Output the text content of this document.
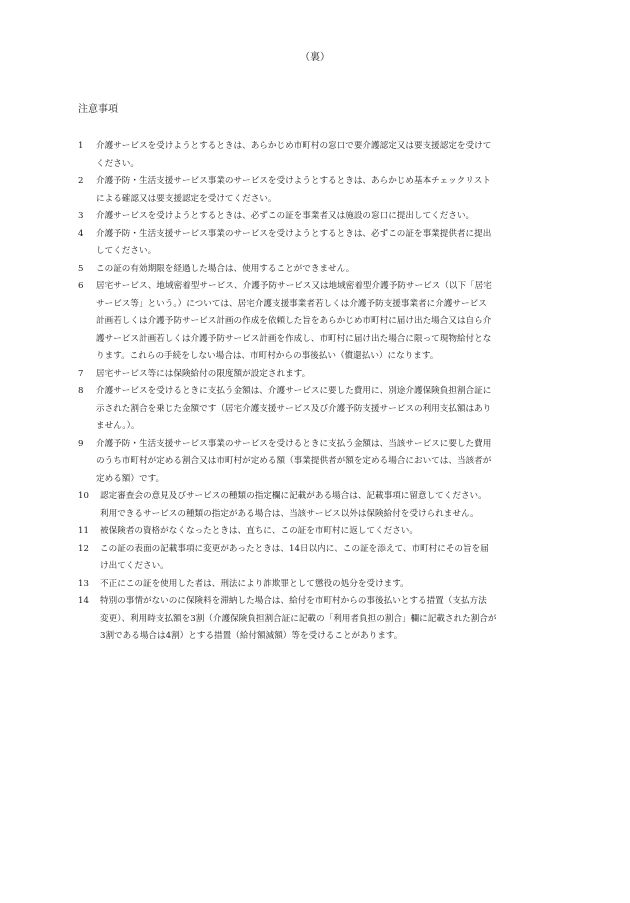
（裏）
注意事項
1	介護サービスを受けようとするときは、あらかじめ市町村の窓口で要介護認定又は要支援認定を受けて
ください。
2	介護予防・生活支援サービス事業のサービスを受けようとするときは、あらかじめ基本チェックリスト
による確認又は要支援認定を受けてください。
3	介護サービスを受けようとするときは、必ずこの証を事業者又は施設の窓口に提出してください。
4	介護予防・生活支援サービス事業のサービスを受けようとするときは、必ずこの証を事業提供者に提出
してください。
5	この証の有効期限を経過した場合は、使用することができません。
6	居宅サービス、地域密着型サービス、介護予防サービス又は地域密着型介護予防サービス（以下「居宅
サービス等」という。）については、居宅介護支援事業者若しくは介護予防支援事業者に介護サービス
計画若しくは介護予防サービス計画の作成を依頼した旨をあらかじめ市町村に届け出た場合又は自ら介
護サービス計画若しくは介護予防サービス計画を作成し、市町村に届け出た場合に限って現物給付とな
ります。これらの手続をしない場合は、市町村からの事後払い（償還払い）になります。
7	居宅サービス等には保険給付の限度額が設定されます。
8	介護サービスを受けるときに支払う金額は、介護サービスに要した費用に、別途介護保険負担割合証に
示された割合を乗じた金額です（居宅介護支援サービス及び介護予防支援サービスの利用支払額はあり
ません。）。
9	介護予防・生活支援サービス事業のサービスを受けるときに支払う金額は、当該サービスに要した費用
のうち市町村が定める割合又は市町村が定める額（事業提供者が額を定める場合においては、当該者が
定める額）です。
10	認定審査会の意見及びサービスの種類の指定欄に記載がある場合は、記載事項に留意してください。
利用できるサービスの種類の指定がある場合は、当該サービス以外は保険給付を受けられません。
11	被保険者の資格がなくなったときは、直ちに、この証を市町村に返してください。
12	この証の表面の記載事項に変更があったときは、14日以内に、この証を添えて、市町村にその旨を届
け出てください。
13	不正にこの証を使用した者は、刑法により詐欺罪として懲役の処分を受けます。
14	特別の事情がないのに保険料を滞納した場合は、給付を市町村からの事後払いとする措置（支払方法
変更）、利用時支払額を3割（介護保険負担割合証に記載の「利用者負担の割合」欄に記載された割合が
3割である場合は4割）とする措置（給付額減額）等を受けることがあります。
